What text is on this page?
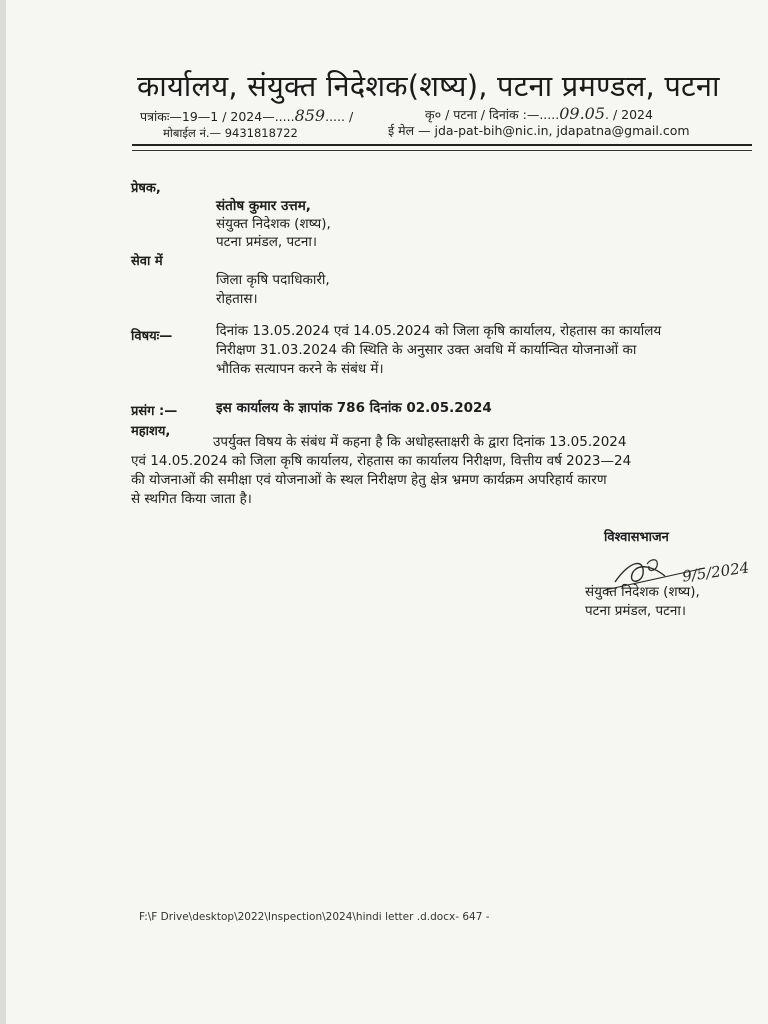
कार्यालय, संयुक्त निदेशक(शष्य), पटना प्रमण्डल, पटना
पत्रांकः—19—1 / 2024—.....859..... /	कृ० / पटना / दिनांक :—.....09.05. / 2024
मोबाईल नं.— 9431818722	ई मेल — jda-pat-bih@nic.in, jdapatna@gmail.com
प्रेषक,
संतोष कुमार उत्तम,
संयुक्त निदेशक (शष्य),
पटना प्रमंडल, पटना।
सेवा में
जिला कृषि पदाधिकारी,
रोहतास।
विषयः—	दिनांक 13.05.2024 एवं 14.05.2024 को जिला कृषि कार्यालय, रोहतास का कार्यालय
निरीक्षण 31.03.2024 की स्थिति के अनुसार उक्त अवधि में कार्यान्वित योजनाओं का
भौतिक सत्यापन करने के संबंध में।
प्रसंग :—	इस कार्यालय के ज्ञापांक 786 दिनांक 02.05.2024
महाशय,
उपर्युक्त विषय के संबंध में कहना है कि अधोहस्ताक्षरी के द्वारा दिनांक 13.05.2024
एवं 14.05.2024 को जिला कृषि कार्यालय, रोहतास का कार्यालय निरीक्षण, वित्तीय वर्ष 2023—24
की योजनाओं की समीक्षा एवं योजनाओं के स्थल निरीक्षण हेतु क्षेत्र भ्रमण कार्यक्रम अपरिहार्य कारण
से स्थगित किया जाता है।
विश्वासभाजन
9/5/2024
संयुक्त निदेशक (शष्य),
पटना प्रमंडल, पटना।
F:\F Drive\desktop\2022\Inspection\2024\hindi letter .d.docx- 647 -
